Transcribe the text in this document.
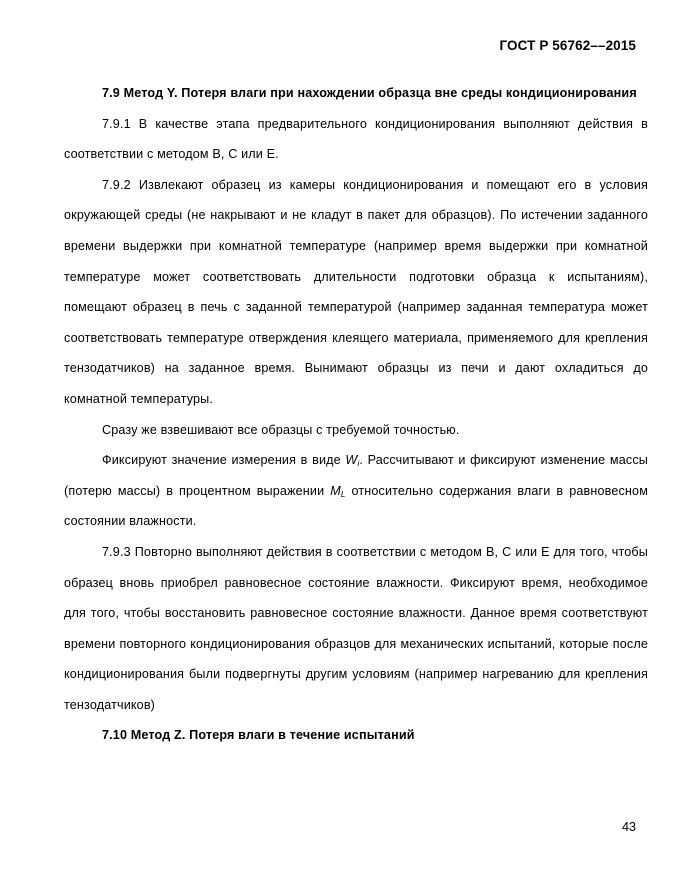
ГОСТ Р 56762––2015

7.9 Метод Y. Потеря влаги при нахождении образца вне среды кондиционирования

7.9.1 В качестве этапа предварительного кондиционирования выполняют действия в соответствии с методом B, C или E.

7.9.2 Извлекают образец из камеры кондиционирования и помещают его в условия окружающей среды (не накрывают и не кладут в пакет для образцов). По истечении заданного времени выдержки при комнатной температуре (например время выдержки при комнатной температуре может соответствовать длительности подготовки образца к испытаниям), помещают образец в печь с заданной температурой (например заданная температура может соответствовать температуре отверждения клеящего материала, применяемого для крепления тензодатчиков) на заданное время. Вынимают образцы из печи и дают охладиться до комнатной температуры.

Сразу же взвешивают все образцы с требуемой точностью.

Фиксируют значение измерения в виде $W_i$. Рассчитывают и фиксируют изменение массы (потерю массы) в процентном выражении $M_L$ относительно содержания влаги в равновесном состоянии влажности.

7.9.3 Повторно выполняют действия в соответствии с методом B, C или E для того, чтобы образец вновь приобрел равновесное состояние влажности. Фиксируют время, необходимое для того, чтобы восстановить равновесное состояние влажности. Данное время соответствуют времени повторного кондиционирования образцов для механических испытаний, которые после кондиционирования были подвергнуты другим условиям (например нагреванию для крепления тензодатчиков)

7.10 Метод Z. Потеря влаги в течение испытаний

43
